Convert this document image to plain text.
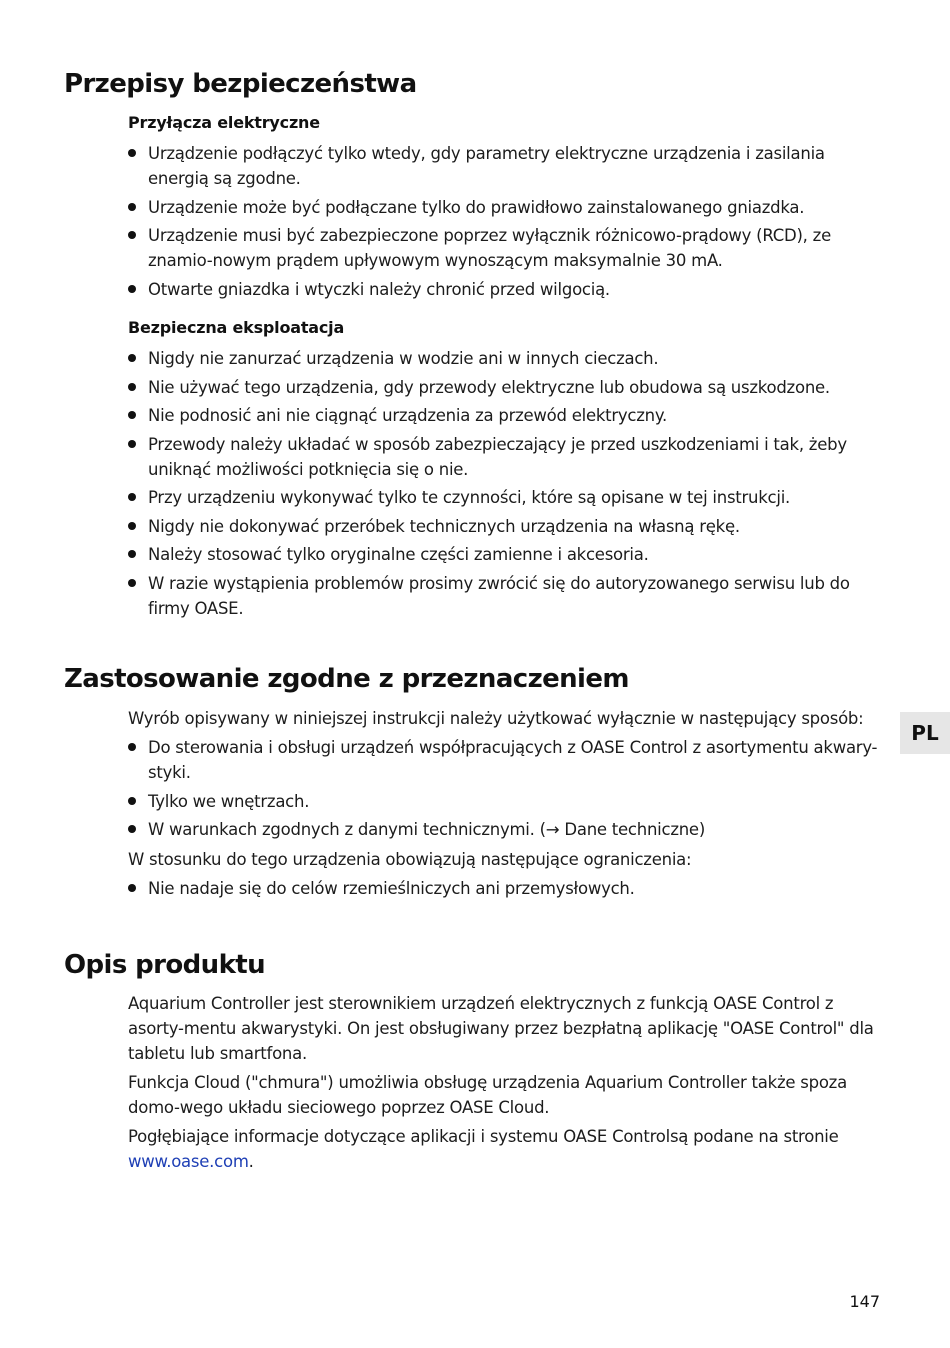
Przepisy bezpieczeństwa
Przyłącza elektryczne
Urządzenie podłączyć tylko wtedy, gdy parametry elektryczne urządzenia i zasilania energią są zgodne.
Urządzenie może być podłączane tylko do prawidłowo zainstalowanego gniazdka.
Urządzenie musi być zabezpieczone poprzez wyłącznik różnicowo-prądowy (RCD), ze znamio-nowym prądem upływowym wynoszącym maksymalnie 30 mA.
Otwarte gniazdka i wtyczki należy chronić przed wilgocią.
Bezpieczna eksploatacja
Nigdy nie zanurzać urządzenia w wodzie ani w innych cieczach.
Nie używać tego urządzenia, gdy przewody elektryczne lub obudowa są uszkodzone.
Nie podnosić ani nie ciągnąć urządzenia za przewód elektryczny.
Przewody należy układać w sposób zabezpieczający je przed uszkodzeniami i tak, żeby uniknąć możliwości potknięcia się o nie.
Przy urządzeniu wykonywać tylko te czynności, które są opisane w tej instrukcji.
Nigdy nie dokonywać przeróbek technicznych urządzenia na własną rękę.
Należy stosować tylko oryginalne części zamienne i akcesoria.
W razie wystąpienia problemów prosimy zwrócić się do autoryzowanego serwisu lub do firmy OASE.
Zastosowanie zgodne z przeznaczeniem

Wyrób opisywany w niniejszej instrukcji należy użytkować wyłącznie w następujący sposób:

Do sterowania i obsługi urządzeń współpracujących z OASE Control z asortymentu akwary-styki.
Tylko we wnętrzach.
W warunkach zgodnych z danymi technicznymi. (→ Dane techniczne)

W stosunku do tego urządzenia obowiązują następujące ograniczenia:

Nie nadaje się do celów rzemieślniczych ani przemysłowych.
Opis produktu

Aquarium Controller jest sterownikiem urządzeń elektrycznych z funkcją OASE Control z asorty-mentu akwarystyki. On jest obsługiwany przez bezpłatną aplikację "OASE Control" dla tabletu lub smartfona.

Funkcja Cloud ("chmura") umożliwia obsługę urządzenia Aquarium Controller także spoza domo-wego układu sieciowego poprzez OASE Cloud.

Pogłębiające informacje dotyczące aplikacji i systemu OASE Controlsą podane na stronie www.oase.com.

PL
147
